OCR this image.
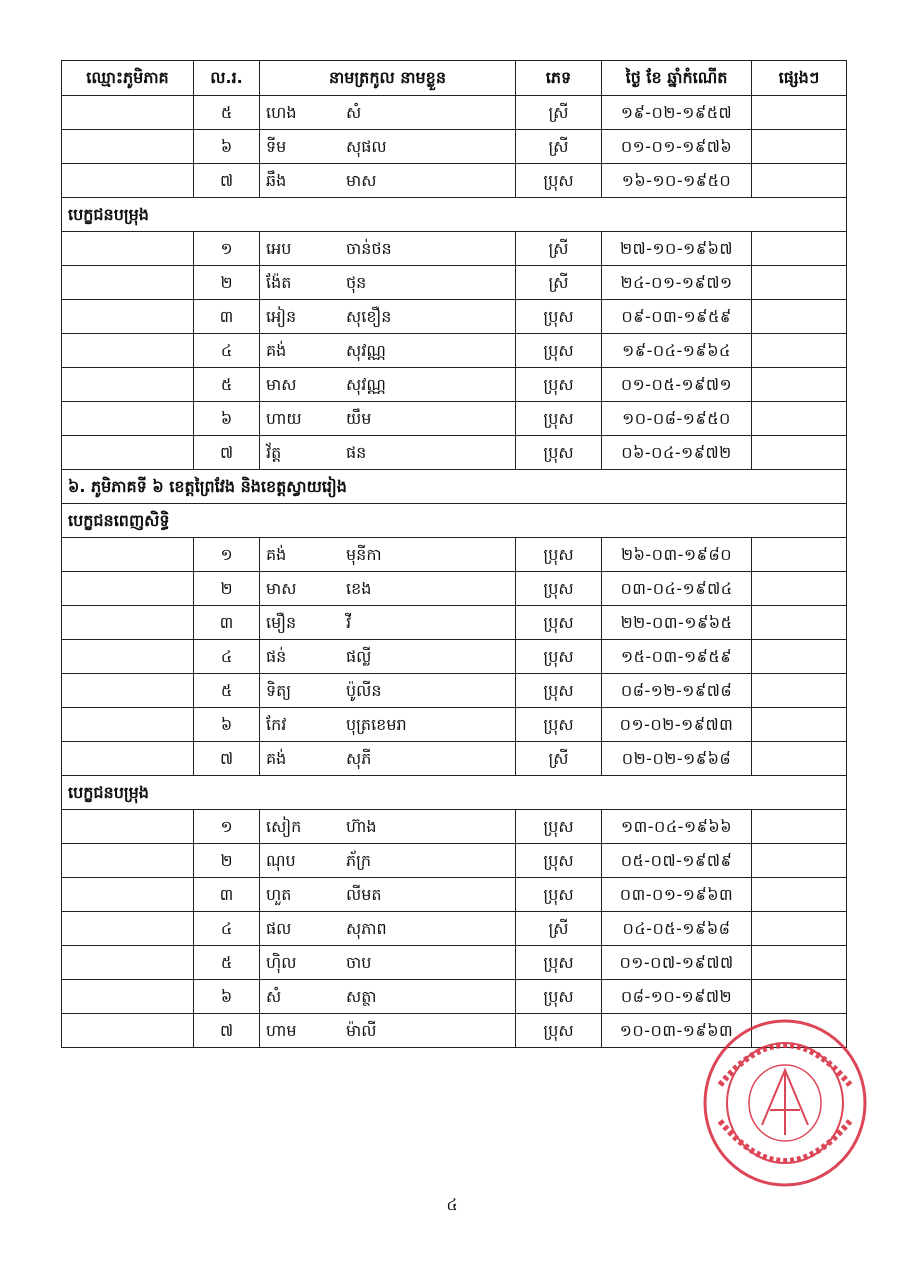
ឈ្មោះភូមិភាគ	ល.រ.	នាមត្រកូល នាមខ្លួន	ភេទ	ថ្ងៃ ខែ ឆ្នាំកំណើត	ផ្សេងៗ
	៥	ហេង សំ	ស្រី	១៩-០២-១៩៥៧	
	៦	ទីម សុផល	ស្រី	០១-០១-១៩៧៦	
	៧	ឆឹង មាស	ប្រុស	១៦-១០-១៩៥០	
បេក្ខជនបម្រុង					
	១	អេប ចាន់ថន	ស្រី	២៧-១០-១៩៦៧	
	២	ង៉ែត ថុន	ស្រី	២៤-០១-១៩៧១	
	៣	អៀន សុខឿន	ប្រុស	០៩-០៣-១៩៥៩	
	៤	គង់ សុវណ្ណ	ប្រុស	១៩-០៤-១៩៦៤	
	៥	មាស សុវណ្ណ	ប្រុស	០១-០៥-១៩៧១	
	៦	ហាយ យឹម	ប្រុស	១០-០៨-១៩៥០	
	៧	វ័ត្ត ផន	ប្រុស	០៦-០៤-១៩៧២	
៦. ភូមិភាគទី ៦ ខេត្តព្រៃវែង និងខេត្តស្វាយរៀង					
បេក្ខជនពេញសិទ្ធិ					
	១	គង់ មុនីកា	ប្រុស	២៦-០៣-១៩៨០	
	២	មាស ខេង	ប្រុស	០៣-០៤-១៩៧៤	
	៣	មឿន វី	ប្រុស	២២-០៣-១៩៦៥	
	៤	ផន់ ផល្លី	ប្រុស	១៥-០៣-១៩៥៩	
	៥	ទិត្យ ប៉ូលីន	ប្រុស	០៨-១២-១៩៧៨	
	៦	កែវ បុត្រខេមរា	ប្រុស	០១-០២-១៩៧៣	
	៧	គង់ សុភី	ស្រី	០២-០២-១៩៦៨	
បេក្ខជនបម្រុង					
	១	សៀក ហ៊ាង	ប្រុស	១៣-០៤-១៩៦៦	
	២	ណុប ភ័ក្រ	ប្រុស	០៥-០៧-១៩៧៩	
	៣	ហួត លីមត	ប្រុស	០៣-០១-១៩៦៣	
	៤	ផល សុភាព	ស្រី	០៤-០៥-១៩៦៨	
	៥	ហ៊ិល ចាប	ប្រុស	០១-០៧-១៩៧៧	
	៦	សំ សត្ថា	ប្រុស	០៨-១០-១៩៧២	
	៧	ហាម ម៉ាលី	ប្រុស	១០-០៣-១៩៦៣	
៤
